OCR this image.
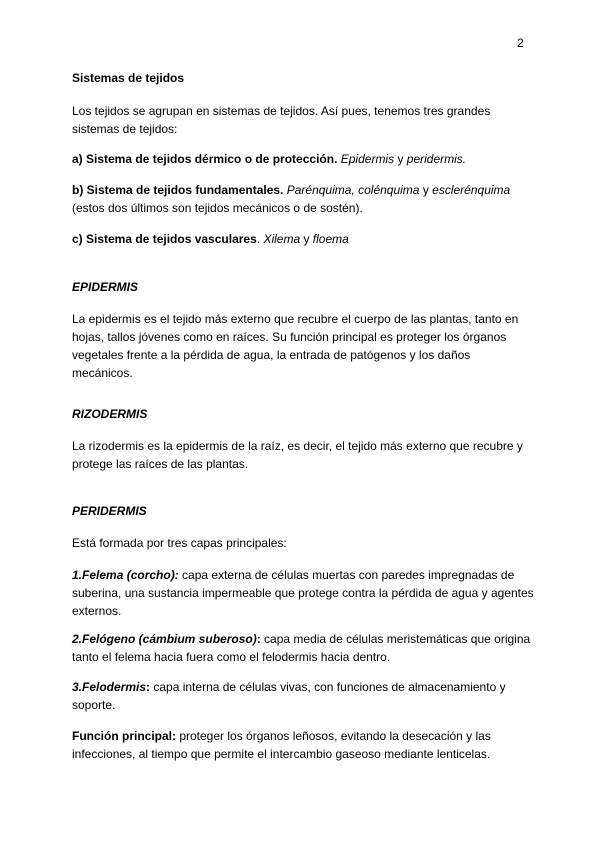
2
Sistemas de tejidos
Los tejidos se agrupan en sistemas de tejidos. Así pues, tenemos tres grandes sistemas de tejidos:
a) Sistema de tejidos dérmico o de protección. Epidermis y peridermis.
b) Sistema de tejidos fundamentales. Parénquima, colénquima y esclerénquima
(estos dos últimos son tejidos mecánicos o de sostén).
c) Sistema de tejidos vasculares. Xilema y floema
EPIDERMIS
La epidermis es el tejido más externo que recubre el cuerpo de las plantas, tanto en hojas, tallos jóvenes como en raíces. Su función principal es proteger los órganos vegetales frente a la pérdida de agua, la entrada de patógenos y los daños mecánicos.
RIZODERMIS
La rizodermis es la epidermis de la raíz, es decir, el tejido más externo que recubre y protege las raíces de las plantas.
PERIDERMIS
Está formada por tres capas principales:
1.Felema (corcho): capa externa de células muertas con paredes impregnadas de suberina, una sustancia impermeable que protege contra la pérdida de agua y agentes externos.
2.Felógeno (cámbium suberoso): capa media de células meristemáticas que origina tanto el felema hacia fuera como el felodermis hacia dentro.
3.Felodermis: capa interna de células vivas, con funciones de almacenamiento y soporte.
Función principal: proteger los órganos leñosos, evitando la desecación y las infecciones, al tiempo que permite el intercambio gaseoso mediante lenticelas.
